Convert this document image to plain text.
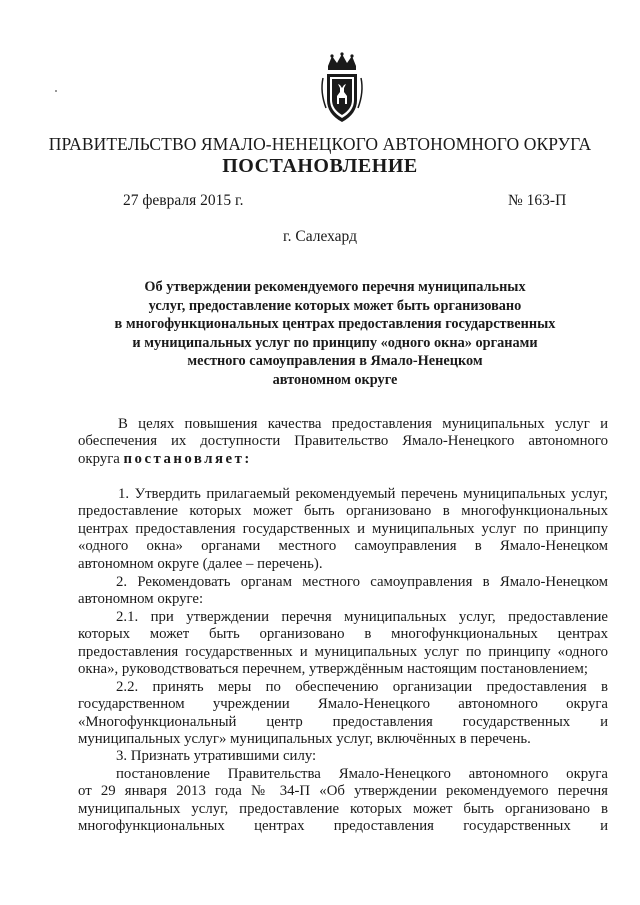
ПРАВИТЕЛЬСТВО ЯМАЛО-НЕНЕЦКОГО АВТОНОМНОГО ОКРУГА
ПОСТАНОВЛЕНИЕ
27 февраля 2015 г.	№ 163-П
г. Салехард
Об утверждении рекомендуемого перечня муниципальных
услуг, предоставление которых может быть организовано
в многофункциональных центрах предоставления государственных
и муниципальных услуг по принципу «одного окна» органами
местного самоуправления в Ямало-Ненецком
автономном округе
В целях повышения качества предоставления муниципальных услуг и
обеспечения их доступности Правительство Ямало-Ненецкого автономного
округа постановляет:
1. Утвердить прилагаемый рекомендуемый перечень муниципальных услуг,
предоставление которых может быть организовано в многофункциональных
центрах предоставления государственных и муниципальных услуг по принципу
«одного окна» органами местного самоуправления в Ямало-Ненецком
автономном округе (далее – перечень).
2. Рекомендовать органам местного самоуправления в Ямало-Ненецком
автономном округе:
2.1. при утверждении перечня муниципальных услуг, предоставление
которых может быть организовано в многофункциональных центрах
предоставления государственных и муниципальных услуг по принципу «одного
окна», руководствоваться перечнем, утверждённым настоящим постановлением;
2.2. принять меры по обеспечению организации предоставления в
государственном учреждении Ямало-Ненецкого автономного округа
«Многофункциональный центр предоставления государственных и
муниципальных услуг» муниципальных услуг, включённых в перечень.
3. Признать утратившими силу:
постановление Правительства Ямало-Ненецкого автономного округа
от 29 января 2013 года № 34-П «Об утверждении рекомендуемого перечня
муниципальных услуг, предоставление которых может быть организовано в
многофункциональных центрах предоставления государственных и
